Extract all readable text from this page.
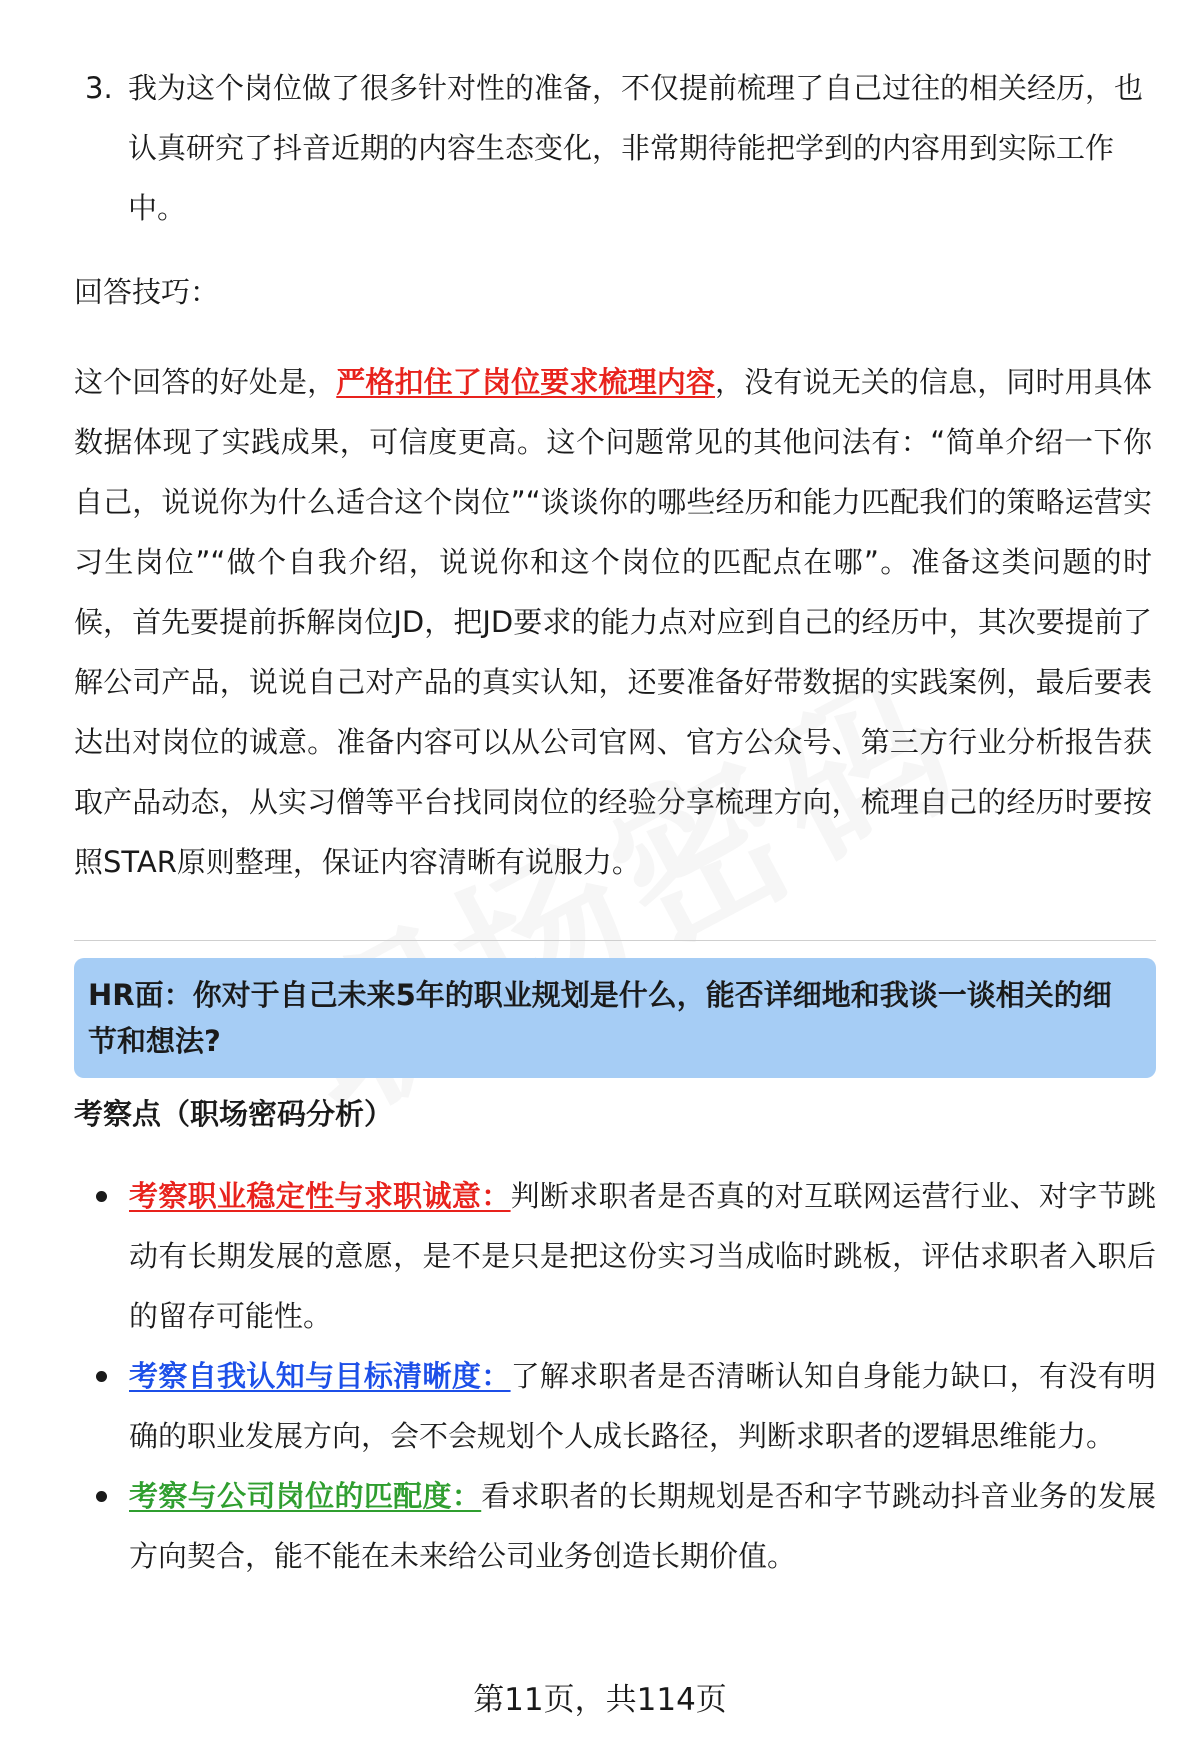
3. 我为这个岗位做了很多针对性的准备，不仅提前梳理了自己过往的相关经历，也认真研究了抖音近期的内容生态变化，非常期待能把学到的内容用到实际工作中。
回答技巧：
这个回答的好处是，严格扣住了岗位要求梳理内容，没有说无关的信息，同时用具体数据体现了实践成果，可信度更高。这个问题常见的其他问法有：“简单介绍一下你自己，说说你为什么适合这个岗位”“谈谈你的哪些经历和能力匹配我们的策略运营实习生岗位”“做个自我介绍，说说你和这个岗位的匹配点在哪”。准备这类问题的时候，首先要提前拆解岗位JD，把JD要求的能力点对应到自己的经历中，其次要提前了解公司产品，说说自己对产品的真实认知，还要准备好带数据的实践案例，最后要表达出对岗位的诚意。准备内容可以从公司官网、官方公众号、第三方行业分析报告获取产品动态，从实习僧等平台找同岗位的经验分享梳理方向，梳理自己的经历时要按照STAR原则整理，保证内容清晰有说服力。
HR面：你对于自己未来5年的职业规划是什么，能否详细地和我谈一谈相关的细节和想法?
考察点（职场密码分析）
考察职业稳定性与求职诚意：判断求职者是否真的对互联网运营行业、对字节跳动有长期发展的意愿，是不是只是把这份实习当成临时跳板，评估求职者入职后的留存可能性。
考察自我认知与目标清晰度：了解求职者是否清晰认知自身能力缺口，有没有明确的职业发展方向，会不会规划个人成长路径，判断求职者的逻辑思维能力。
考察与公司岗位的匹配度：看求职者的长期规划是否和字节跳动抖音业务的发展方向契合，能不能在未来给公司业务创造长期价值。
第11页，共114页
